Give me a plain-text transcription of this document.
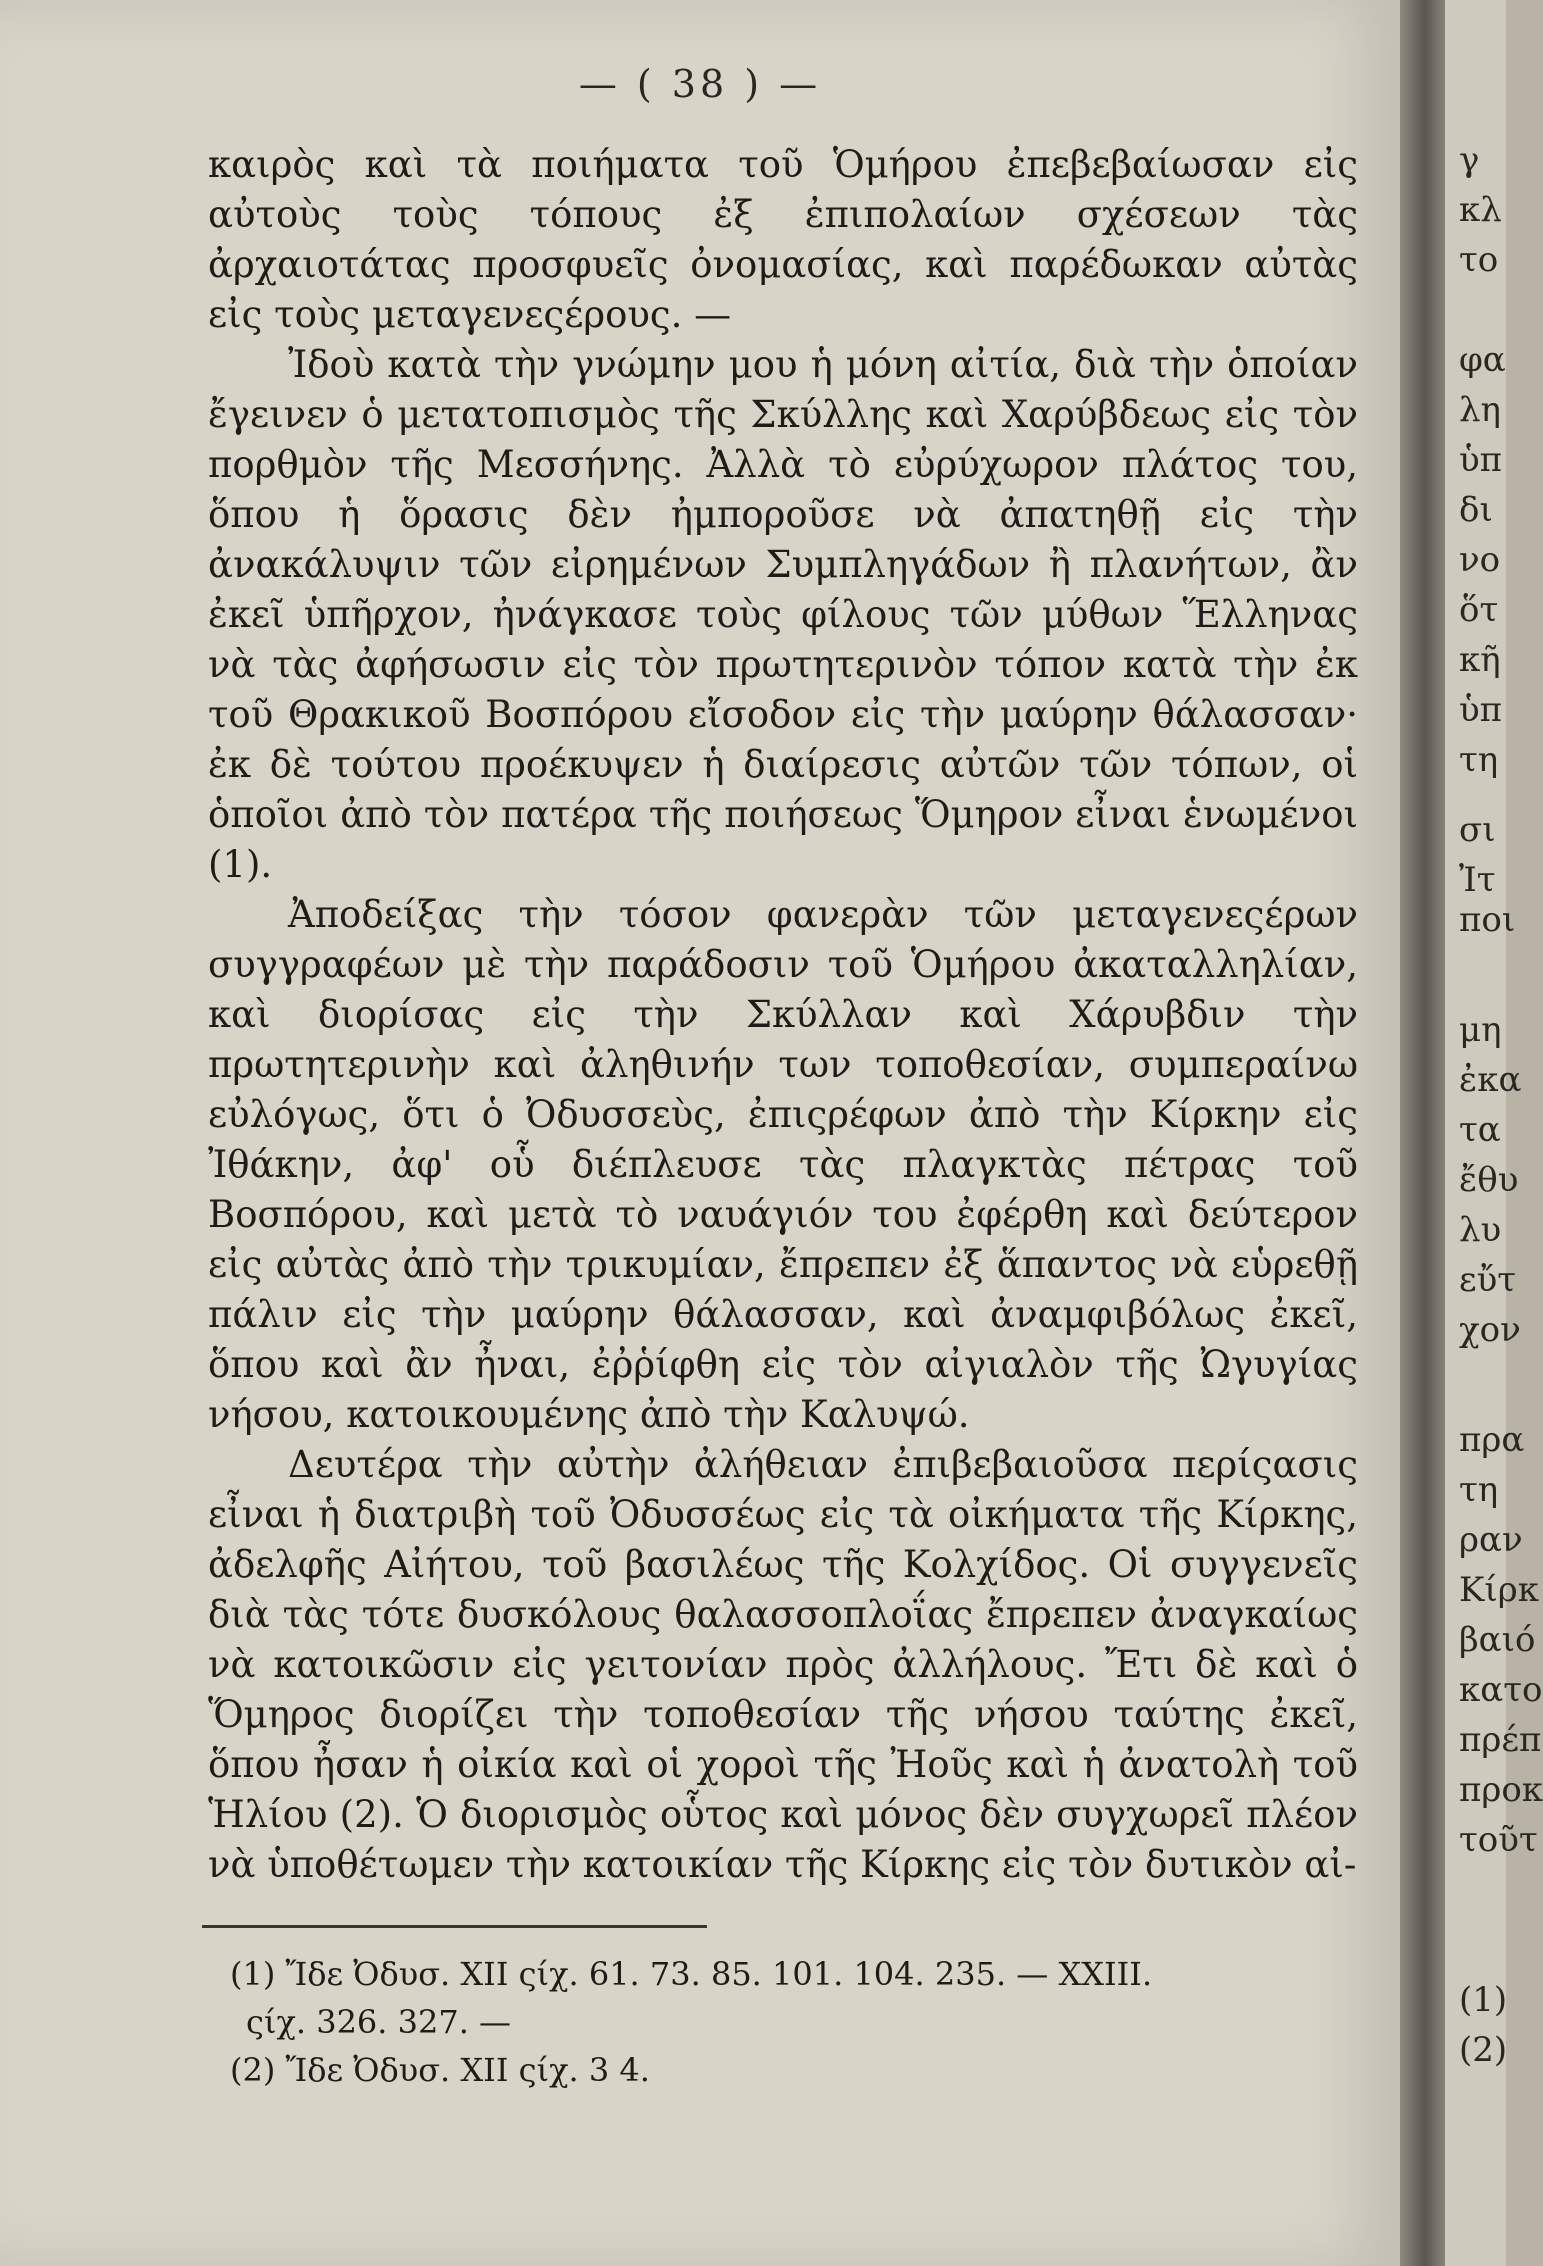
— ( 38 ) —

καιρὸς καὶ τὰ ποιήματα τοῦ Ὁμήρου ἐπεβεβαίωσαν εἰς αὐτοὺς τοὺς τόπους ἐξ ἐπιπολαίων σχέσεων τὰς ἀρχαιοτάτας προσφυεῖς ὀνομασίας, καὶ παρέδωκαν αὐτὰς εἰς τοὺς μεταγενεςέρους. —

Ἰδοὺ κατὰ τὴν γνώμην μου ἡ μόνη αἰτία, διὰ τὴν ὁποίαν ἔγεινεν ὁ μετατοπισμὸς τῆς Σκύλλης καὶ Χαρύβδεως εἰς τὸν πορθμὸν τῆς Μεσσήνης. Ἀλλὰ τὸ εὐρύχωρον πλάτος του, ὅπου ἡ ὅρασις δὲν ἠμποροῦσε νὰ ἀπατηθῇ εἰς τὴν ἀνακάλυψιν τῶν εἰρημένων Συμπληγάδων ἢ πλανήτων, ἂν ἐκεῖ ὑπῆρχον, ἠνάγκασε τοὺς φίλους τῶν μύθων Ἕλληνας νὰ τὰς ἀφήσωσιν εἰς τὸν πρωτητερινὸν τόπον κατὰ τὴν ἐκ τοῦ Θρακικοῦ Βοσπόρου εἴσοδον εἰς τὴν μαύρην θάλασσαν· ἐκ δὲ τούτου προέκυψεν ἡ διαίρεσις αὐτῶν τῶν τόπων, οἱ ὁποῖοι ἀπὸ τὸν πατέρα τῆς ποιήσεως Ὅμηρον εἶναι ἑνωμένοι (1).

Ἀποδείξας τὴν τόσον φανερὰν τῶν μεταγενεςέρων συγγραφέων μὲ τὴν παράδοσιν τοῦ Ὁμήρου ἀκαταλληλίαν, καὶ διορίσας εἰς τὴν Σκύλλαν καὶ Χάρυβδιν τὴν πρωτητερινὴν καὶ ἀληθινήν των τοποθεσίαν, συμπεραίνω εὐλόγως, ὅτι ὁ Ὀδυσσεὺς, ἐπιςρέφων ἀπὸ τὴν Κίρκην εἰς Ἰθάκην, ἀφ' οὗ διέπλευσε τὰς πλαγκτὰς πέτρας τοῦ Βοσπόρου, καὶ μετὰ τὸ ναυάγιόν του ἐφέρθη καὶ δεύτερον εἰς αὐτὰς ἀπὸ τὴν τρικυμίαν, ἔπρεπεν ἐξ ἅπαντος νὰ εὑρεθῇ πάλιν εἰς τὴν μαύρην θάλασσαν, καὶ ἀναμφιβόλως ἐκεῖ, ὅπου καὶ ἂν ἦναι, ἐῤῥίφθη εἰς τὸν αἰγιαλὸν τῆς Ὠγυγίας νήσου, κατοικουμένης ἀπὸ τὴν Καλυψώ.

Δευτέρα τὴν αὐτὴν ἀλήθειαν ἐπιβεβαιοῦσα περίςασις εἶναι ἡ διατριβὴ τοῦ Ὀδυσσέως εἰς τὰ οἰκήματα τῆς Κίρκης, ἀδελφῆς Αἰήτου, τοῦ βασιλέως τῆς Κολχίδος. Οἱ συγγενεῖς διὰ τὰς τότε δυσκόλους θαλασσοπλοΐας ἔπρεπεν ἀναγκαίως νὰ κατοικῶσιν εἰς γειτονίαν πρὸς ἀλλήλους. Ἔτι δὲ καὶ ὁ Ὅμηρος διορίζει τὴν τοποθεσίαν τῆς νήσου ταύτης ἐκεῖ, ὅπου ἦσαν ἡ οἰκία καὶ οἱ χοροὶ τῆς Ἠοῦς καὶ ἡ ἀνατολὴ τοῦ Ἡλίου (2). Ὁ διορισμὸς οὗτος καὶ μόνος δὲν συγχωρεῖ πλέον νὰ ὑποθέτωμεν τὴν κατοικίαν τῆς Κίρκης εἰς τὸν δυτικὸν αἰ-

(1) Ἴδε Ὀδυσ. XII ςίχ. 61. 73. 85. 101. 104. 235. — XXIII.
ςίχ. 326. 327. —
(2) Ἴδε Ὀδυσ. XII ςίχ. 3 4.
γ
κλ
το
φα
λη
ὑπ
δι
νο
ὅτ
κῆ
ὑπ
τη
σι
Ἰτ
ποι
μη
ἐκα
τα
ἔθυ
λυ
εὔτ
χον
πρα
τη
ραν
Κίρκ
βαιό
κατο
πρέπ
προκ
τοῦτ
(1)
(2)
